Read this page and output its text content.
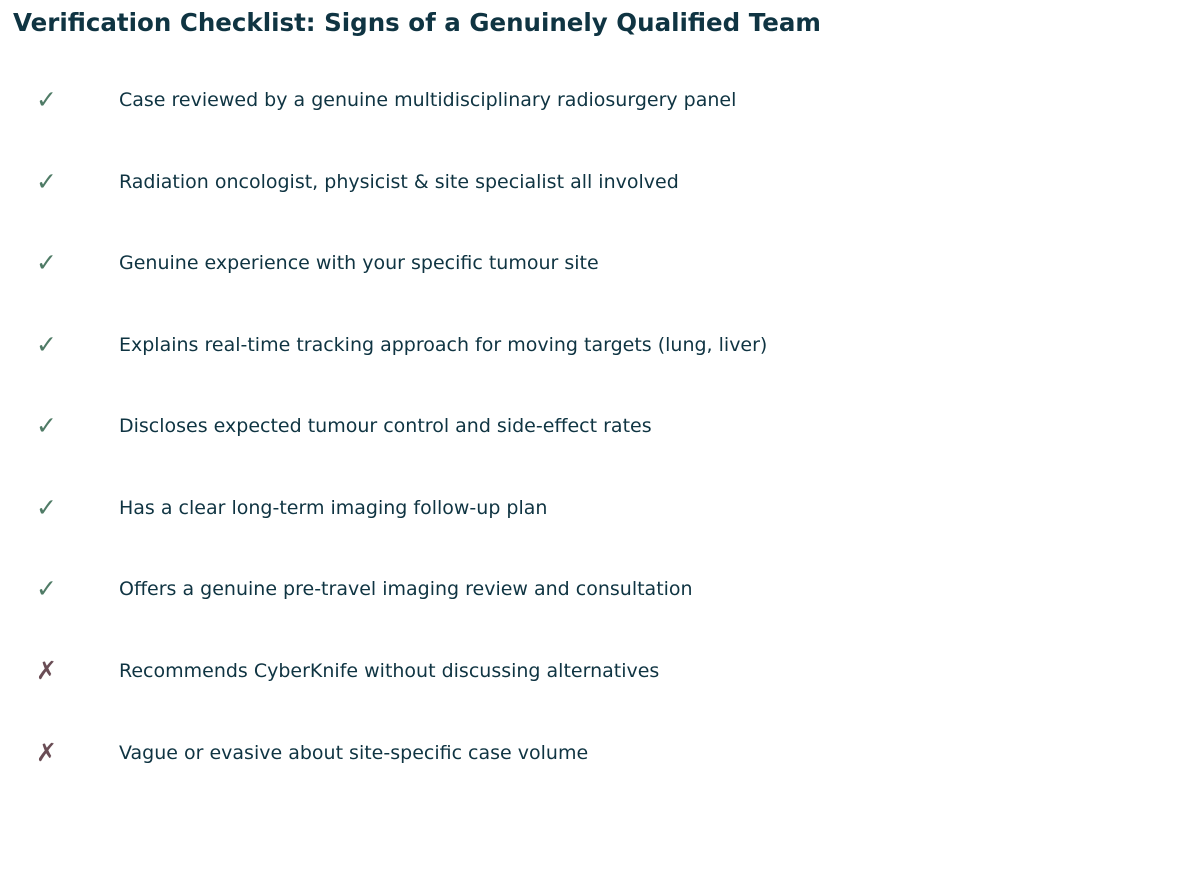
Verification Checklist: Signs of a Genuinely Qualified Team
✓	Case reviewed by a genuine multidisciplinary radiosurgery panel
✓	Radiation oncologist, physicist & site specialist all involved
✓	Genuine experience with your specific tumour site
✓	Explains real-time tracking approach for moving targets (lung, liver)
✓	Discloses expected tumour control and side-effect rates
✓	Has a clear long-term imaging follow-up plan
✓	Offers a genuine pre-travel imaging review and consultation
✗	Recommends CyberKnife without discussing alternatives
✗	Vague or evasive about site-specific case volume
